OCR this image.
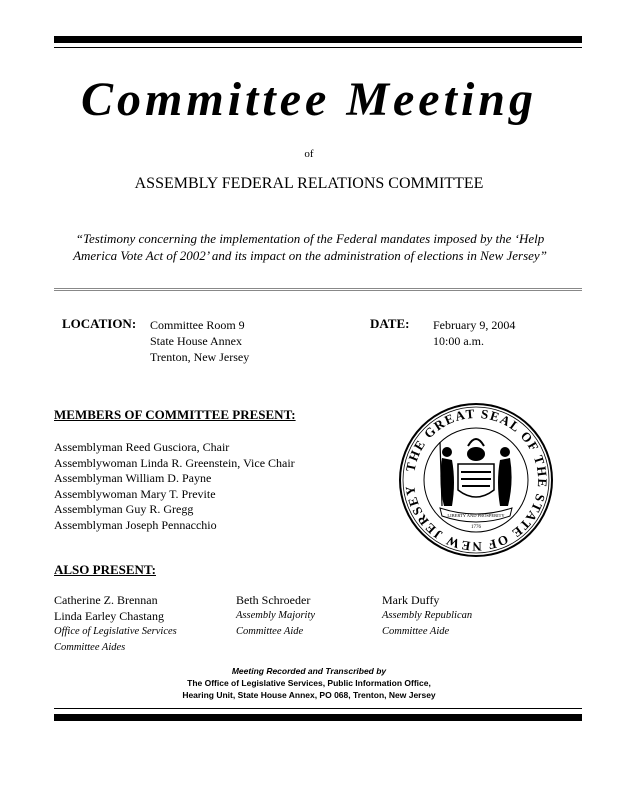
Committee Meeting
of
ASSEMBLY FEDERAL RELATIONS COMMITTEE
“Testimony concerning the implementation of the Federal mandates imposed by the ‘Help America Vote Act of 2002’ and its impact on the administration of elections in New Jersey”
LOCATION: Committee Room 9
State House Annex
Trenton, New Jersey
DATE: February 9, 2004
10:00 a.m.
MEMBERS OF COMMITTEE PRESENT:
Assemblyman Reed Gusciora, Chair
Assemblywoman Linda R. Greenstein, Vice Chair
Assemblyman William D. Payne
Assemblywoman Mary T. Previte
Assemblyman Guy R. Gregg
Assemblyman Joseph Pennacchio
THE GREAT SEAL OF THE STATE OF NEW JERSEY
LIBERTY AND PROSPERITY
1776
ALSO PRESENT:
Catherine Z. Brennan
Linda Earley Chastang
Office of Legislative Services
Committee Aides
Beth Schroeder
Assembly Majority
Committee Aide
Mark Duffy
Assembly Republican
Committee Aide
Meeting Recorded and Transcribed by
The Office of Legislative Services, Public Information Office,
Hearing Unit, State House Annex, PO 068, Trenton, New Jersey
